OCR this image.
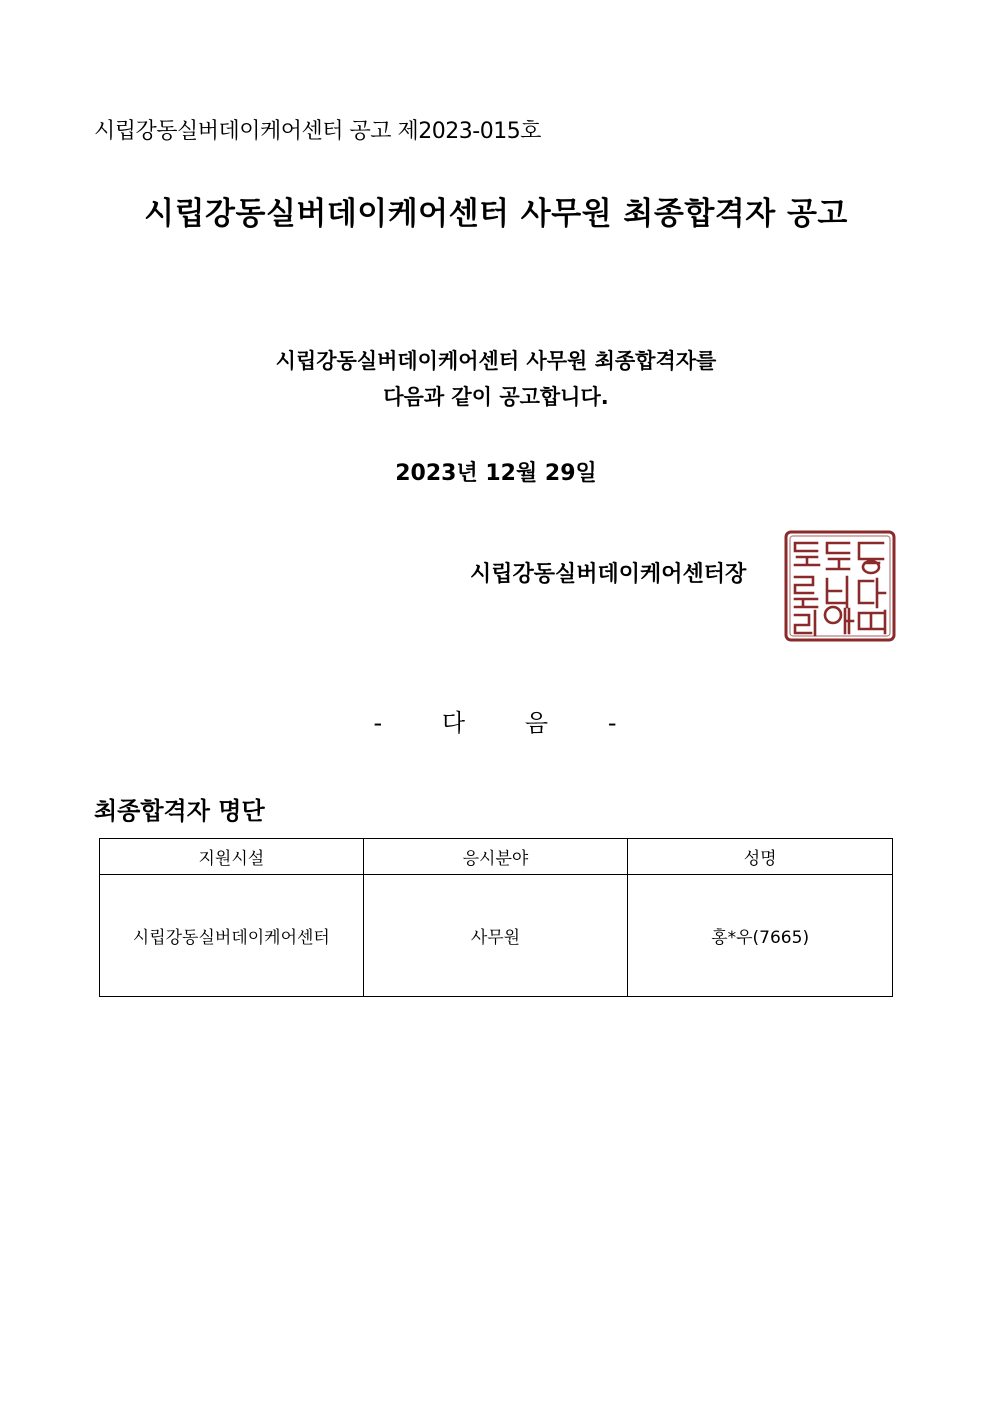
시립강동실버데이케어센터 공고 제2023-015호
시립강동실버데이케어센터 사무원 최종합격자 공고
시립강동실버데이케어센터 사무원 최종합격자를
다음과 같이 공고합니다.
2023년 12월 29일
시립강동실버데이케어센터장
-      다      음      -
최종합격자 명단
지원시설	응시분야	성명
시립강동실버데이케어센터	사무원	홍*우(7665)
